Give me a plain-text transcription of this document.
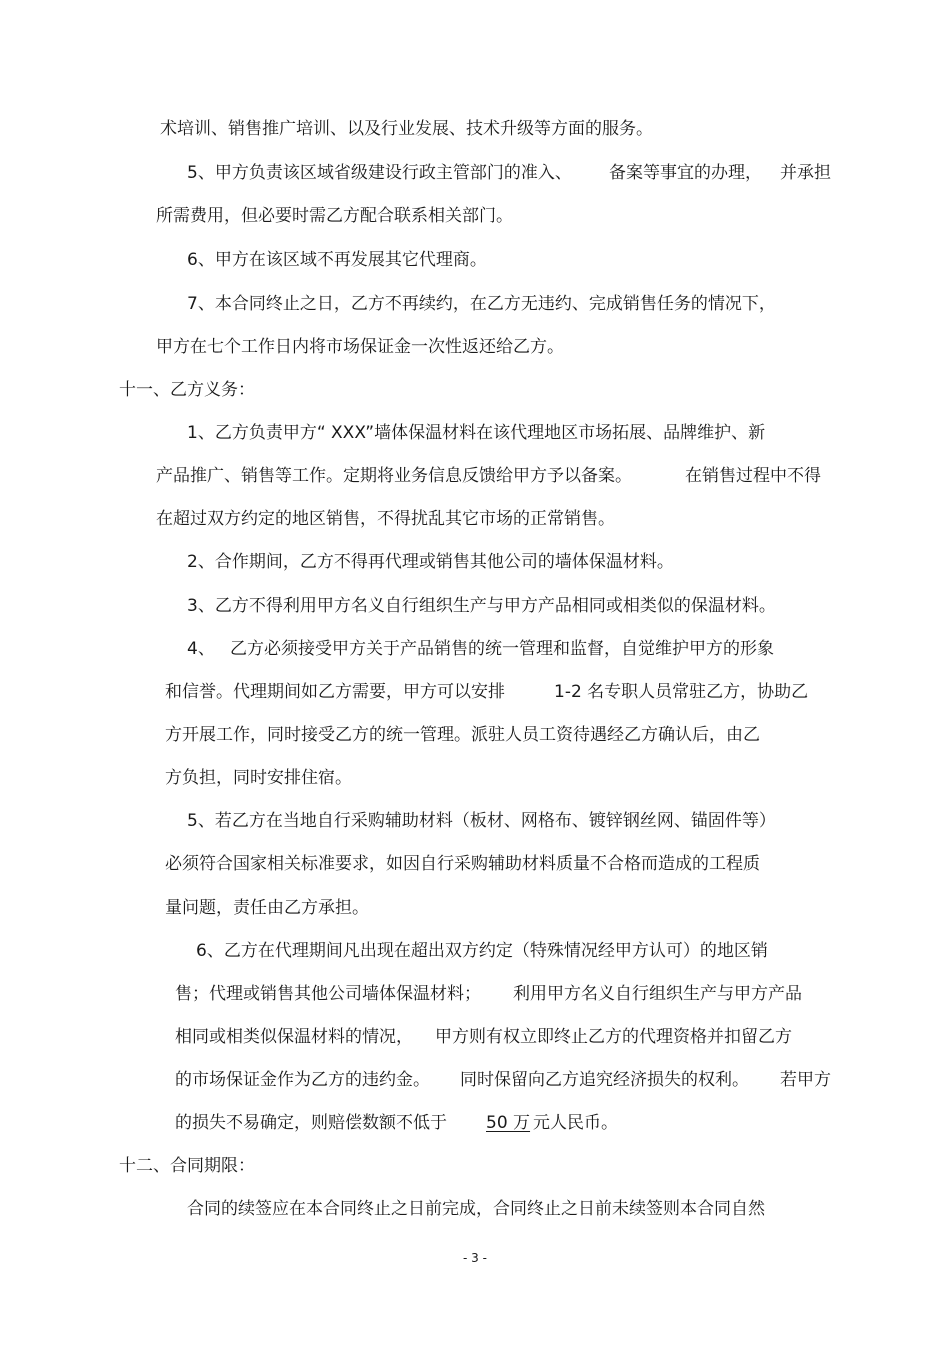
术培训、销售推广培训、以及行业发展、技术升级等方面的服务。
5、甲方负责该区域省级建设行政主管部门的准入、 备案等事宜的办理， 并承担
所需费用，但必要时需乙方配合联系相关部门。
6、甲方在该区域不再发展其它代理商。
7、本合同终止之日，乙方不再续约，在乙方无违约、完成销售任务的情况下，
甲方在七个工作日内将市场保证金一次性返还给乙方。
十一、乙方义务：
1、乙方负责甲方“ XXX”墙体保温材料在该代理地区市场拓展、品牌维护、新
产品推广、销售等工作。定期将业务信息反馈给甲方予以备案。	在销售过程中不得
在超过双方约定的地区销售，不得扰乱其它市场的正常销售。
2、合作期间，乙方不得再代理或销售其他公司的墙体保温材料。
3、乙方不得利用甲方名义自行组织生产与甲方产品相同或相类似的保温材料。
4、 乙方必须接受甲方关于产品销售的统一管理和监督，自觉维护甲方的形象
和信誉。代理期间如乙方需要，甲方可以安排	1-2 名专职人员常驻乙方，协助乙
方开展工作，同时接受乙方的统一管理。派驻人员工资待遇经乙方确认后，由乙
方负担，同时安排住宿。
5、若乙方在当地自行采购辅助材料（板材、网格布、镀锌钢丝网、锚固件等）
必须符合国家相关标准要求，如因自行采购辅助材料质量不合格而造成的工程质
量问题，责任由乙方承担。
6、乙方在代理期间凡出现在超出双方约定（特殊情况经甲方认可）的地区销
售；代理或销售其他公司墙体保温材料； 利用甲方名义自行组织生产与甲方产品
相同或相类似保温材料的情况， 甲方则有权立即终止乙方的代理资格并扣留乙方
的市场保证金作为乙方的违约金。 同时保留向乙方追究经济损失的权利。 若甲方
的损失不易确定，则赔偿数额不低于 50 万 元人民币。
十二、合同期限：
合同的续签应在本合同终止之日前完成，合同终止之日前未续签则本合同自然
- 3 -
